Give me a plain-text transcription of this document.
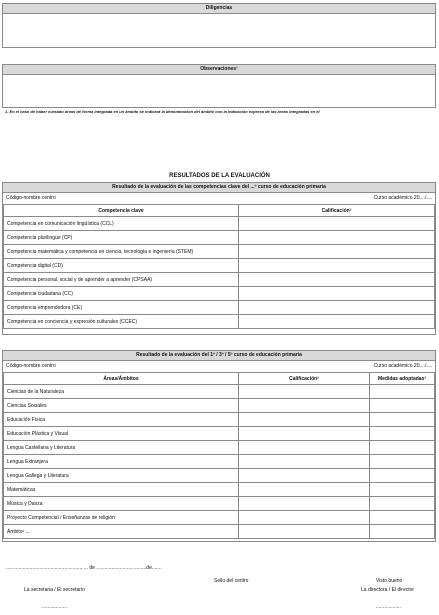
Diligencias
Observaciones¹
1. En el caso de haber cursado áreas de forma integrada en un ámbito se indicará la denominación del ámbito con la indicación expresa de las áreas integradas en él
RESULTADOS DE LA EVALUACIÓN
Resultado de la evaluación de las competencias clave del ...º curso de educación primaria
Código-nombre centro	Curso académico 20..../....
Competencia clave	Calificación²
Competencia en comunicación lingüística (CCL)	
Competencia plurilingüe (CP)	
Competencia matemática y competencia en ciencia, tecnología e ingeniería (STEM)	
Competencia digital (CD)	
Competencia personal, social y de aprender a aprender (CPSAA)	
Competencia ciudadana (CC)	
Competencia emprendedora (CE)	
Competencia en conciencia y expresión culturales (CCEC)	
Resultado de la evaluación del 1º / 3º / 5º curso de educación primaria
Código-nombre centro	Curso académico 20..../....
Áreas/Ámbitos	Calificación²	Medidas adoptadas³
Ciencias de la Naturaleza		
Ciencias Sociales		
Educación Física		
Educación Plástica y Visual		
Lengua Castellana y Literatura		
Lengua Extranjera		
Lengua Gallega y Literatura		
Matemáticas		
Música y Danza		
Proyecto Competencial / Enseñanzas de religión		
Ámbito¹ ....		
......................................................, ... de ....................................de.......
Sello del centro	Visto bueno
La secretaria / El secretario	La directora / El director
..................	..................
